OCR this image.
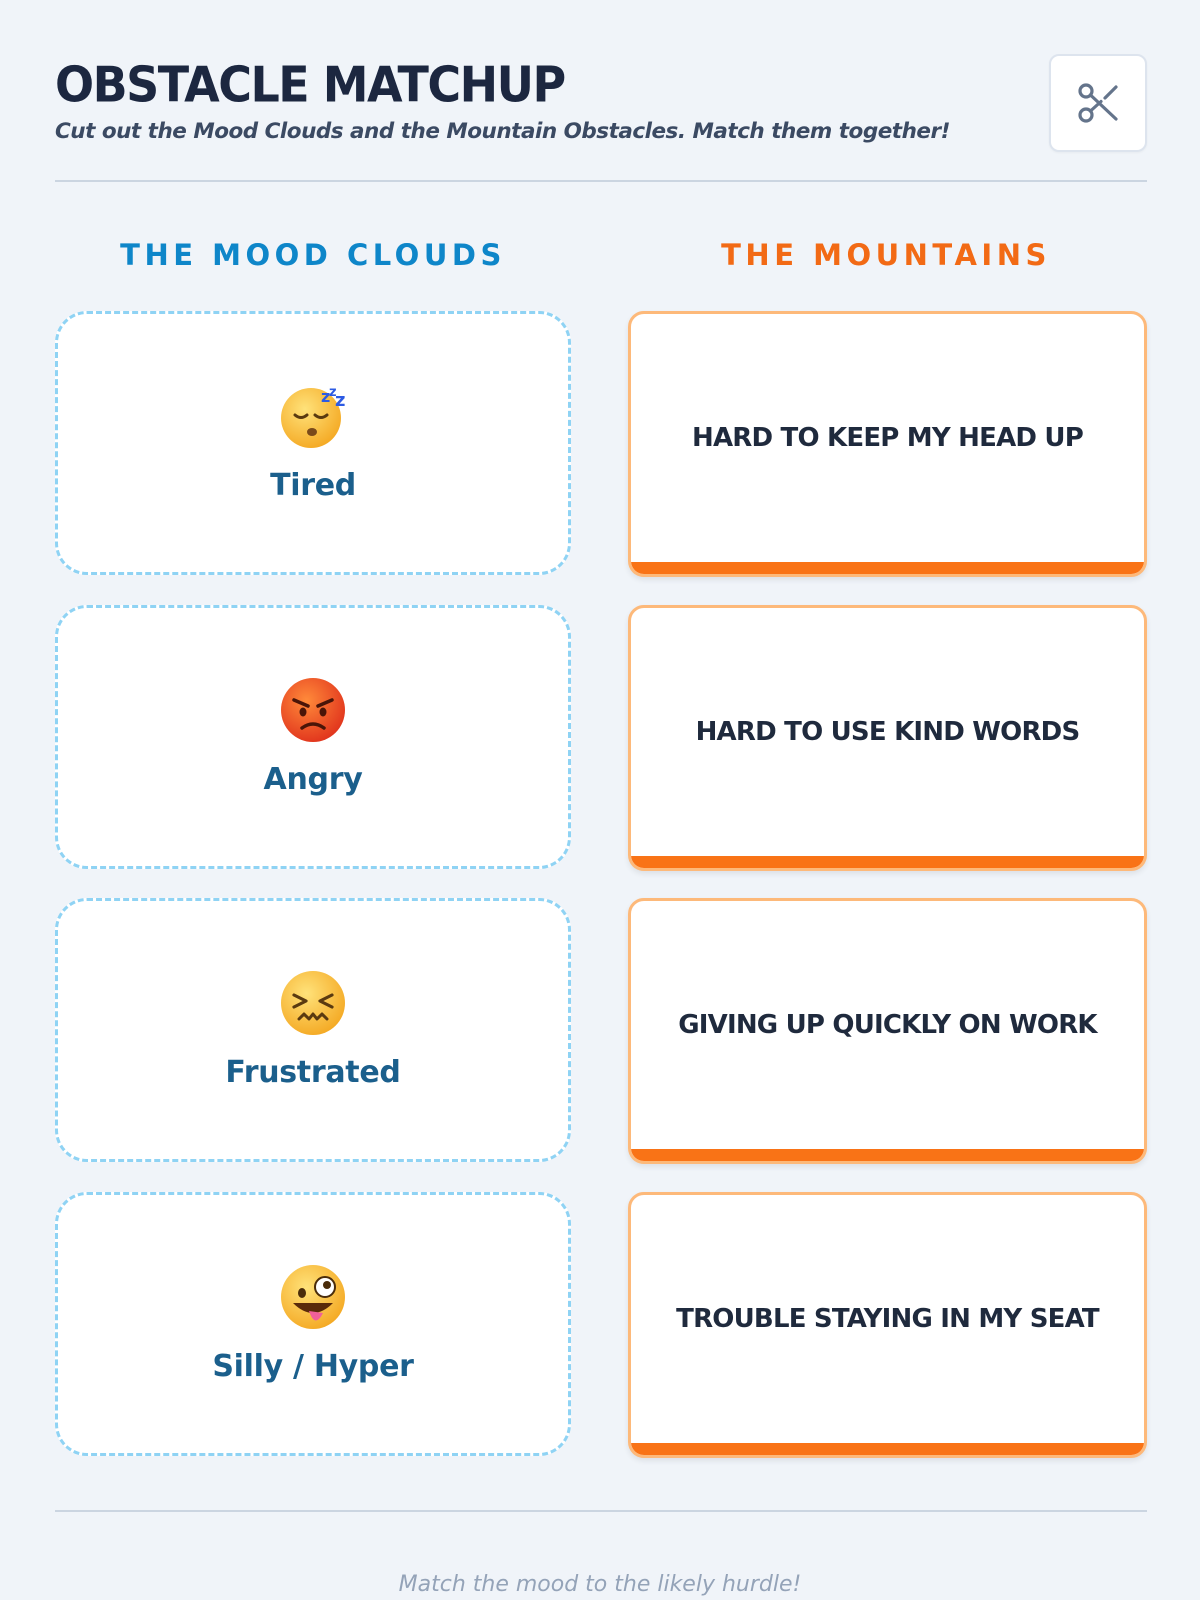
OBSTACLE MATCHUP
Cut out the Mood Clouds and the Mountain Obstacles. Match them together!
THE MOOD CLOUDS	THE MOUNTAINS
z
z
z
Tired
Angry
Frustrated
Silly / Hyper
HARD TO KEEP MY HEAD UP
HARD TO USE KIND WORDS
GIVING UP QUICKLY ON WORK
TROUBLE STAYING IN MY SEAT
Match the mood to the likely hurdle!
